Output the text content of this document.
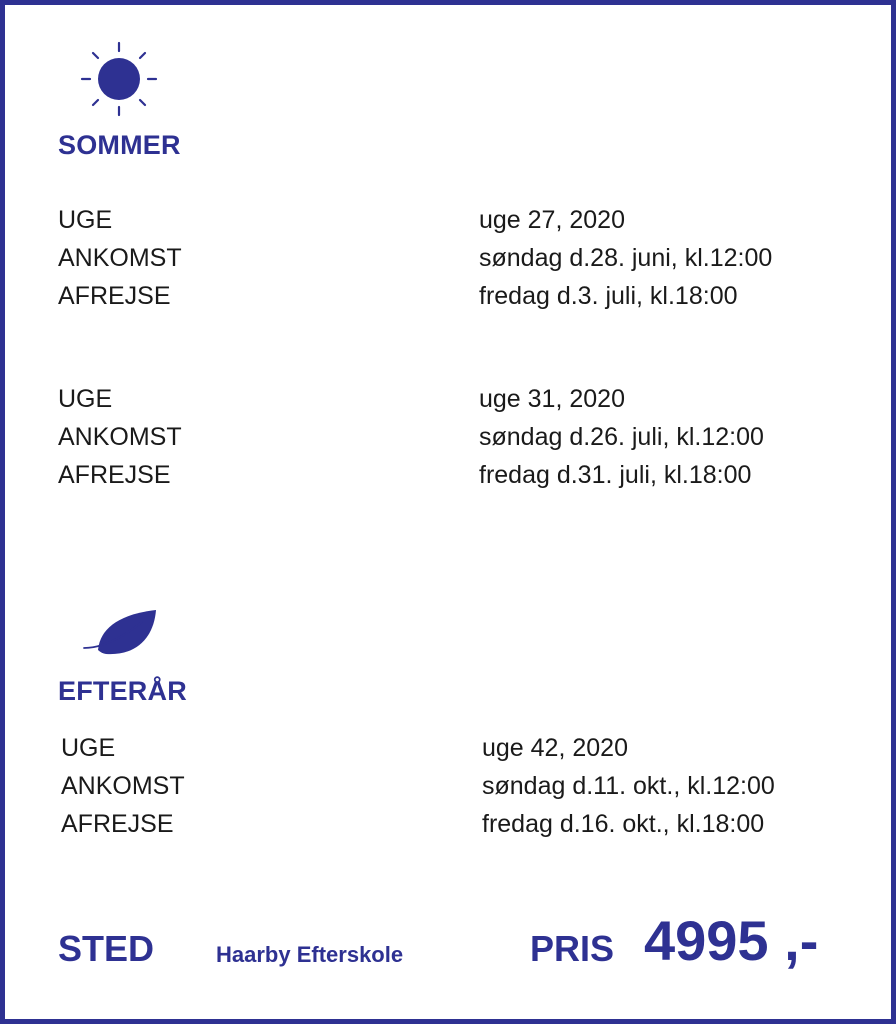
SOMMER
UGE	uge 27, 2020
ANKOMST	søndag d.28. juni, kl.12:00
AFREJSE	fredag d.3. juli, kl.18:00
UGE	uge 31, 2020
ANKOMST	søndag d.26. juli, kl.12:00
AFREJSE	fredag d.31. juli, kl.18:00
EFTERÅR
UGE	uge 42, 2020
ANKOMST	søndag d.11. okt., kl.12:00
AFREJSE	fredag d.16. okt., kl.18:00
STED	Haarby Efterskole	PRIS 4995 ,-
